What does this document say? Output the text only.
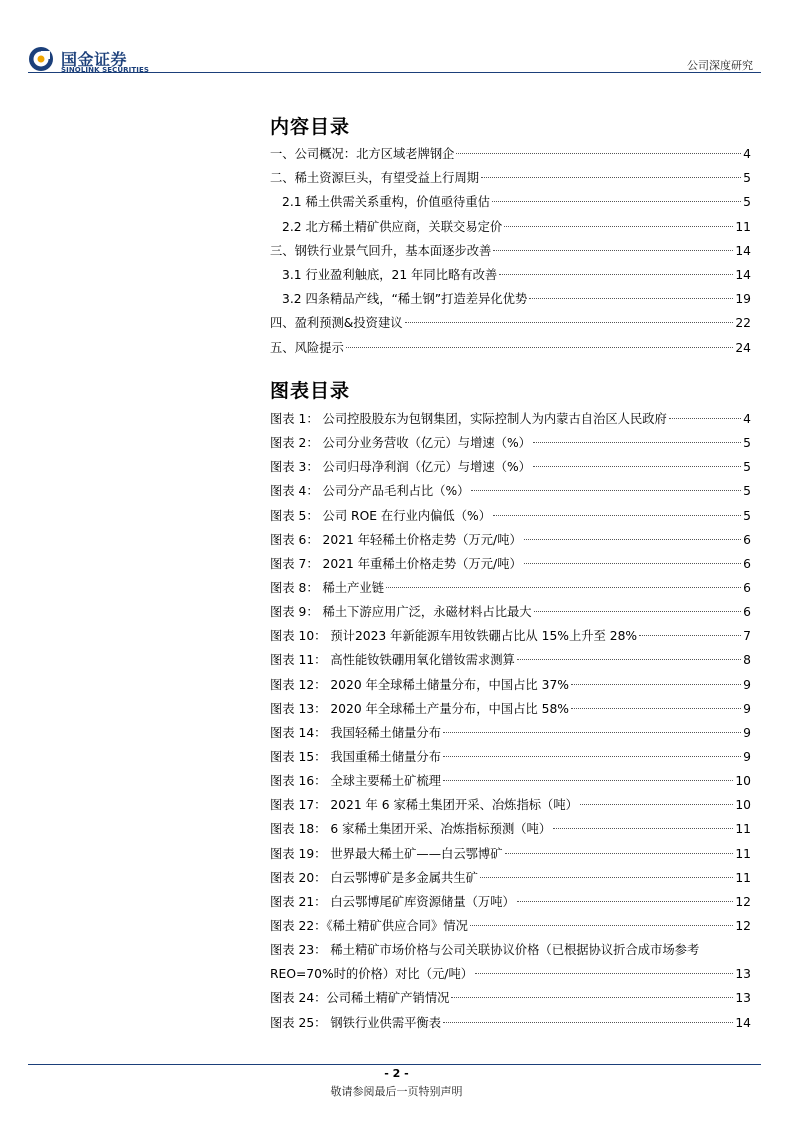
国金证券
SINOLINK SECURITIES	公司深度研究
内容目录
一、公司概况：北方区域老牌钢企	4
二、稀土资源巨头，有望受益上行周期	5
2.1 稀土供需关系重构，价值亟待重估	5
2.2 北方稀土精矿供应商，关联交易定价	11
三、钢铁行业景气回升，基本面逐步改善	14
3.1 行业盈利触底，21 年同比略有改善	14
3.2 四条精品产线，“稀土钢”打造差异化优势	19
四、盈利预测&投资建议	22
五、风险提示	24
图表目录
图表 1： 公司控股股东为包钢集团，实际控制人为内蒙古自治区人民政府	4
图表 2： 公司分业务营收（亿元）与增速（%）	5
图表 3： 公司归母净利润（亿元）与增速（%）	5
图表 4： 公司分产品毛利占比（%）	5
图表 5： 公司 ROE 在行业内偏低（%）	5
图表 6： 2021 年轻稀土价格走势（万元/吨）	6
图表 7： 2021 年重稀土价格走势（万元/吨）	6
图表 8： 稀土产业链	6
图表 9： 稀土下游应用广泛，永磁材料占比最大	6
图表 10： 预计2023 年新能源车用钕铁硼占比从 15%上升至 28%	7
图表 11： 高性能钕铁硼用氧化镨钕需求测算	8
图表 12： 2020 年全球稀土储量分布，中国占比 37%	9
图表 13： 2020 年全球稀土产量分布，中国占比 58%	9
图表 14： 我国轻稀土储量分布	9
图表 15： 我国重稀土储量分布	9
图表 16： 全球主要稀土矿梳理	10
图表 17： 2021 年 6 家稀土集团开采、冶炼指标（吨）	10
图表 18： 6 家稀土集团开采、冶炼指标预测（吨）	11
图表 19： 世界最大稀土矿——白云鄂博矿	11
图表 20： 白云鄂博矿是多金属共生矿	11
图表 21： 白云鄂博尾矿库资源储量（万吨）	12
图表 22：《稀土精矿供应合同》情况	12
图表 23： 稀土精矿市场价格与公司关联协议价格（已根据协议折合成市场参考
REO=70%时的价格）对比（元/吨）	13
图表 24：公司稀土精矿产销情况	13
图表 25： 钢铁行业供需平衡表	14
- 2 -
敬请参阅最后一页特别声明
